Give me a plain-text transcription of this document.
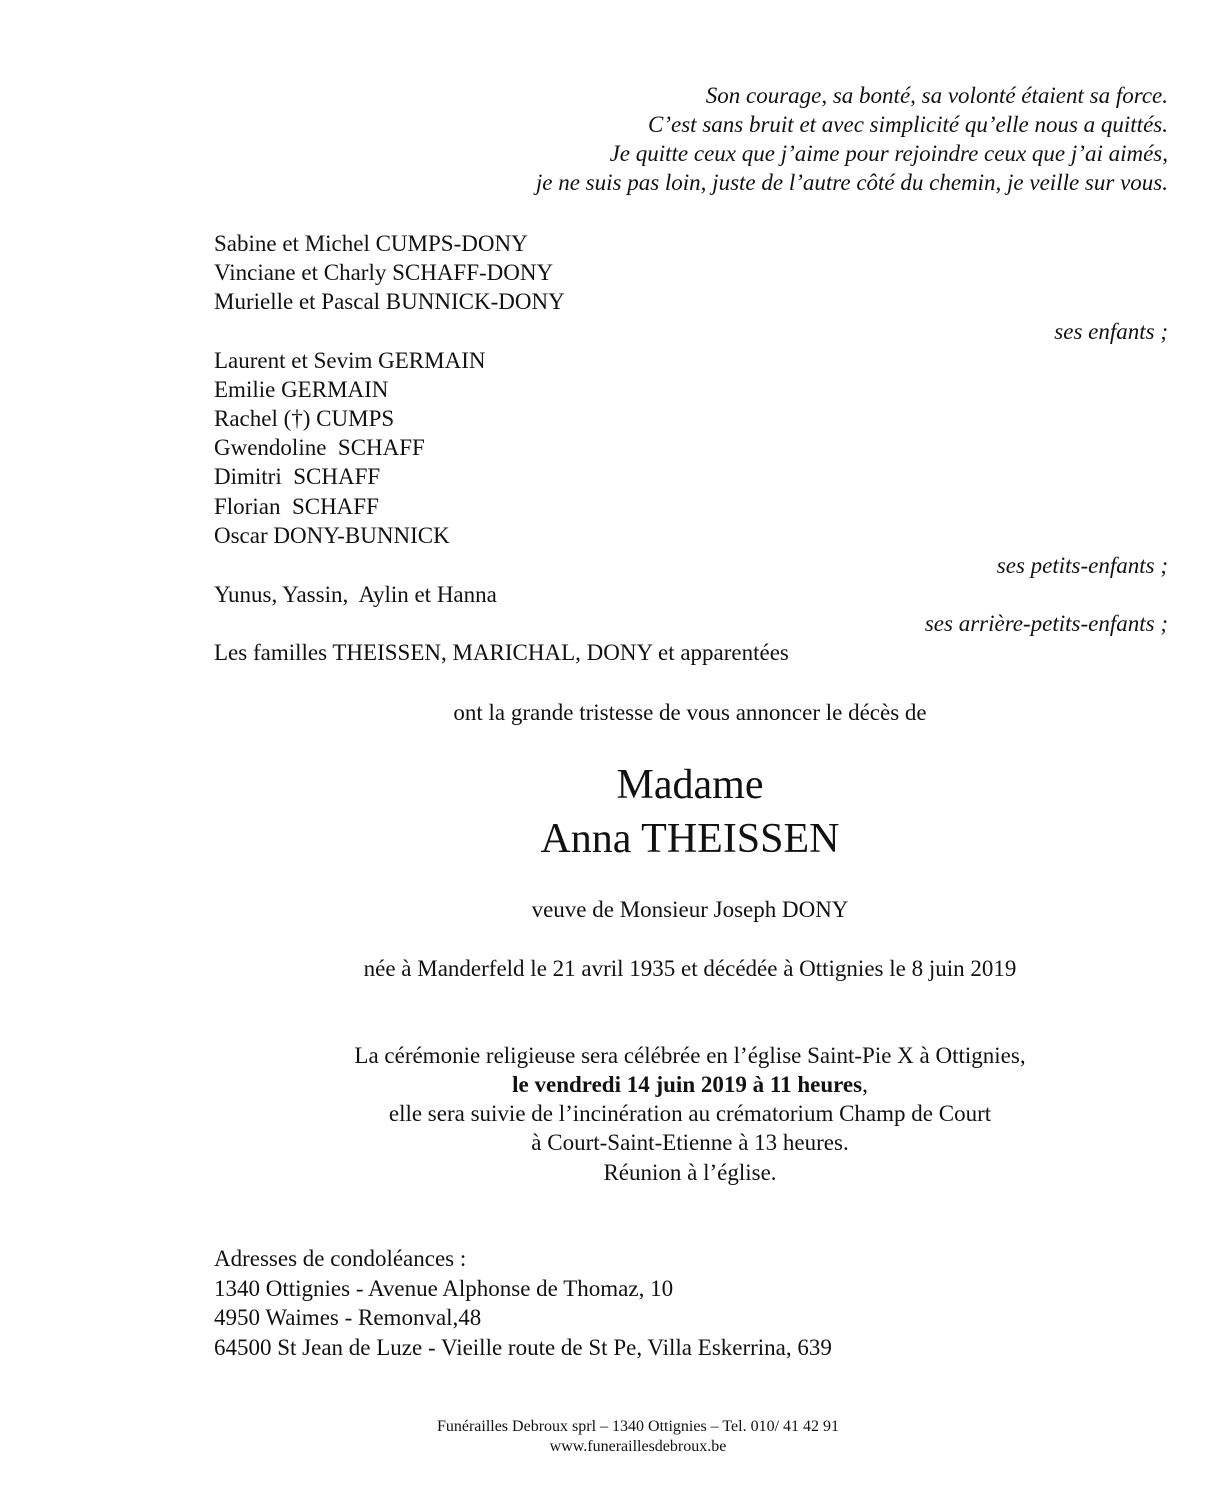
Son courage, sa bonté, sa volonté étaient sa force.
C’est sans bruit et avec simplicité qu’elle nous a quittés.
Je quitte ceux que j’aime pour rejoindre ceux que j’ai aimés,
je ne suis pas loin, juste de l’autre côté du chemin, je veille sur vous.
Sabine et Michel CUMPS-DONY
Vinciane et Charly SCHAFF-DONY
Murielle et Pascal BUNNICK-DONY
ses enfants ;
Laurent et Sevim GERMAIN
Emilie GERMAIN
Rachel (†) CUMPS
Gwendoline  SCHAFF
Dimitri  SCHAFF
Florian  SCHAFF
Oscar DONY-BUNNICK
ses petits-enfants ;
Yunus, Yassin,  Aylin et Hanna
ses arrière-petits-enfants ;
Les familles THEISSEN, MARICHAL, DONY et apparentées
ont la grande tristesse de vous annoncer le décès de
Madame
Anna THEISSEN
veuve de Monsieur Joseph DONY
née à Manderfeld le 21 avril 1935 et décédée à Ottignies le 8 juin 2019
La cérémonie religieuse sera célébrée en l’église Saint-Pie X à Ottignies,
le vendredi 14 juin 2019 à 11 heures,
elle sera suivie de l’incinération au crématorium Champ de Court
à Court-Saint-Etienne à 13 heures.
Réunion à l’église.
Adresses de condoléances :
1340 Ottignies - Avenue Alphonse de Thomaz, 10
4950 Waimes - Remonval,48
64500 St Jean de Luze - Vieille route de St Pe, Villa Eskerrina, 639
Funérailles Debroux sprl – 1340 Ottignies – Tel. 010/ 41 42 91
www.funeraillesdebroux.be
